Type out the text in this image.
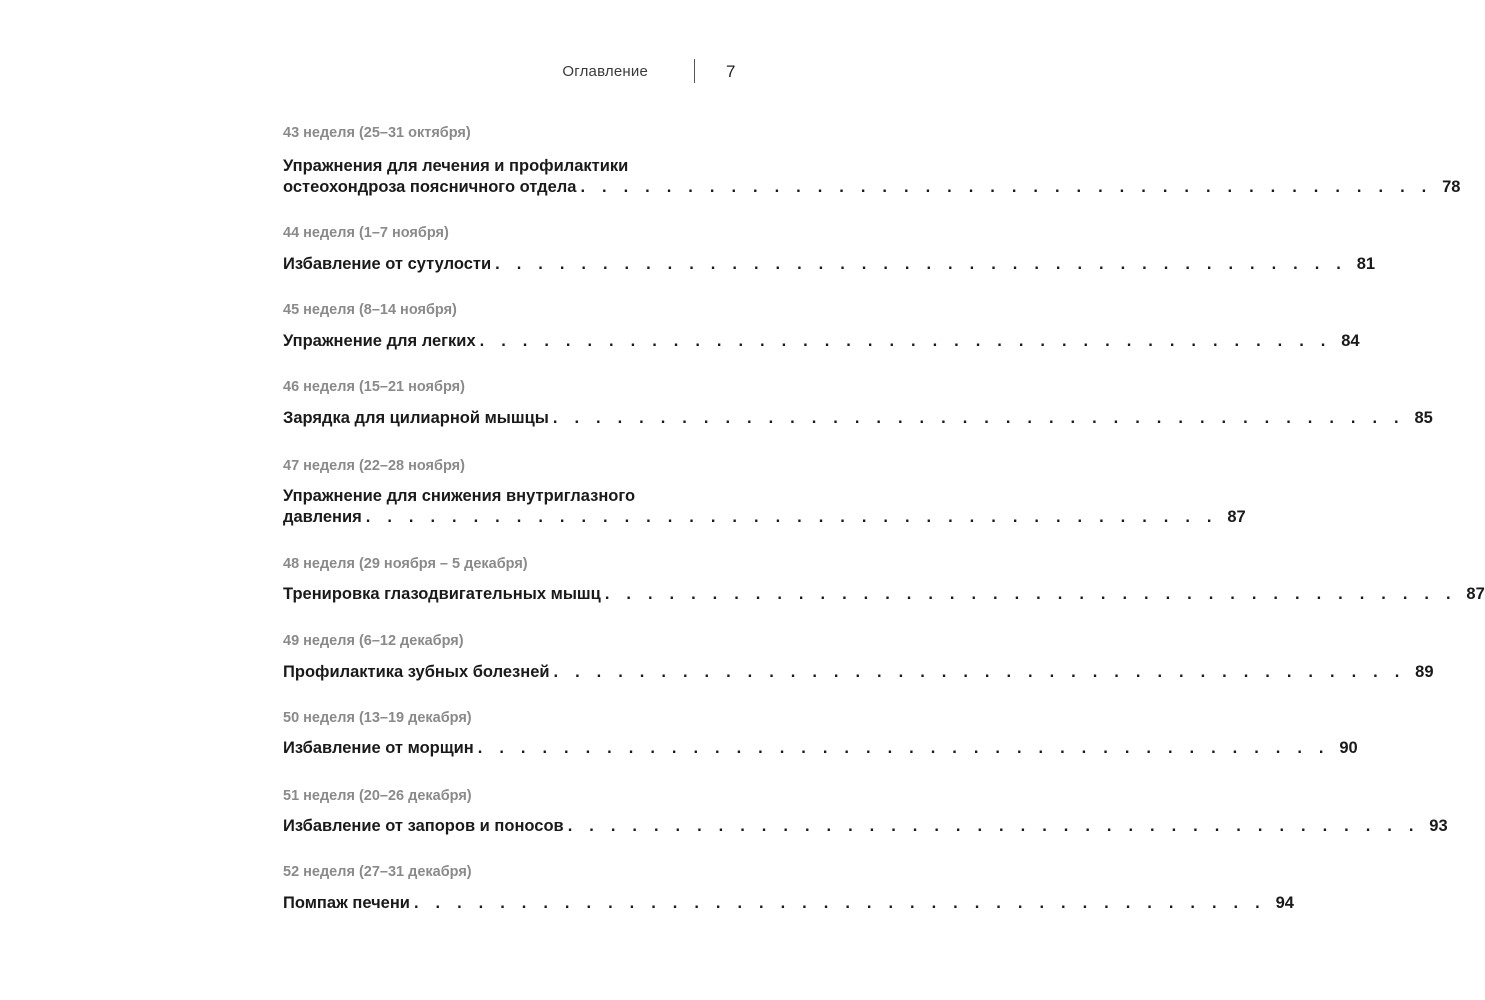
Оглавление	7
43 неделя (25–31 октября)
Упражнения для лечения и профилактики
остеохондроза поясничного отдела . . . . . . . . . . . . . . . . . . . . . . . . . . . . . . . . . . . . . . . . 78
44 неделя (1–7 ноября)
Избавление от сутулости . . . . . . . . . . . . . . . . . . . . . . . . . . . . . . . . . . . . . . . . 81
45 неделя (8–14 ноября)
Упражнение для легких . . . . . . . . . . . . . . . . . . . . . . . . . . . . . . . . . . . . . . . . 84
46 неделя (15–21 ноября)
Зарядка для цилиарной мышцы . . . . . . . . . . . . . . . . . . . . . . . . . . . . . . . . . . . . . . . . 85
47 неделя (22–28 ноября)
Упражнение для снижения внутриглазного
давления . . . . . . . . . . . . . . . . . . . . . . . . . . . . . . . . . . . . . . . . 87
48 неделя (29 ноября – 5 декабря)
Тренировка глазодвигательных мышц . . . . . . . . . . . . . . . . . . . . . . . . . . . . . . . . . . . . . . . . 87
49 неделя (6–12 декабря)
Профилактика зубных болезней . . . . . . . . . . . . . . . . . . . . . . . . . . . . . . . . . . . . . . . . 89
50 неделя (13–19 декабря)
Избавление от морщин . . . . . . . . . . . . . . . . . . . . . . . . . . . . . . . . . . . . . . . . 90
51 неделя (20–26 декабря)
Избавление от запоров и поносов . . . . . . . . . . . . . . . . . . . . . . . . . . . . . . . . . . . . . . . . 93
52 неделя (27–31 декабря)
Помпаж печени . . . . . . . . . . . . . . . . . . . . . . . . . . . . . . . . . . . . . . . . 94
